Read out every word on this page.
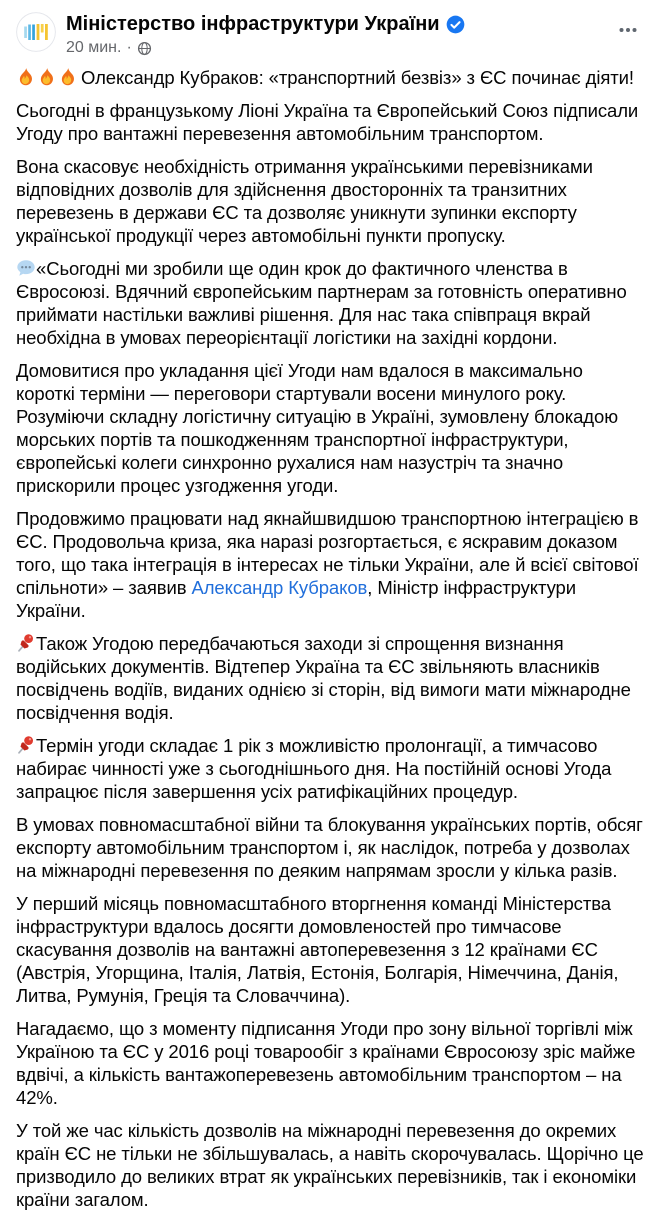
Міністерство інфраструктури України
20 мин. ·

Олександр Кубраков: «транспортний безвіз» з ЄС починає діяти!

Сьогодні в французькому Ліоні Україна та Європейський Союз підписали Угоду про вантажні перевезення автомобільним транспортом.

Вона скасовує необхідність отримання українськими перевізниками відповідних дозволів для здійснення двосторонніх та транзитних перевезень в держави ЄС та дозволяє уникнути зупинки експорту української продукції через автомобільні пункти пропуску.

«Сьогодні ми зробили ще один крок до фактичного членства в Євросоюзі. Вдячний європейським партнерам за готовність оперативно приймати настільки важливі рішення. Для нас така співпраця вкрай необхідна в умовах переорієнтації логістики на західні кордони.

Домовитися про укладання цієї Угоди нам вдалося в максимально короткі терміни — переговори стартували восени минулого року. Розуміючи складну логістичну ситуацію в Україні, зумовлену блокадою морських портів та пошкодженням транспортної інфраструктури, європейські колеги синхронно рухалися нам назустріч та значно прискорили процес узгодження угоди.

Продовжимо працювати над якнайшвидшою транспортною інтеграцією в ЄС. Продовольча криза, яка наразі розгортається, є яскравим доказом того, що така інтеграція в інтересах не тільки України, але й всієї світової спільноти» – заявив Александр Кубраков, Міністр інфраструктури України.

Також Угодою передбачаються заходи зі спрощення визнання водійських документів. Відтепер Україна та ЄС звільняють власників посвідчень водіїв, виданих однією зі сторін, від вимоги мати міжнародне посвідчення водія.

Термін угоди складає 1 рік з можливістю пролонгації, а тимчасово набирає чинності уже з сьогоднішнього дня. На постійній основі Угода запрацює після завершення усіх ратифікаційних процедур.

В умовах повномасштабної війни та блокування українських портів, обсяг експорту автомобільним транспортом і, як наслідок, потреба у дозволах на міжнародні перевезення по деяким напрямам зросли у кілька разів.

У перший місяць повномасштабного вторгнення команді Міністерства інфраструктури вдалось досягти домовленостей про тимчасове скасування дозволів на вантажні автоперевезення з 12 країнами ЄС (Австрія, Угорщина, Італія, Латвія, Естонія, Болгарія, Німеччина, Данія, Литва, Румунія, Греція та Словаччина).

Нагадаємо, що з моменту підписання Угоди про зону вільної торгівлі між Україною та ЄС у 2016 році товарообіг з країнами Євросоюзу зріс майже вдвічі, а кількість вантажоперевезень автомобільним транспортом – на 42%.

У той же час кількість дозволів на міжнародні перевезення до окремих країн ЄС не тільки не збільшувалась, а навіть скорочувалась. Щорічно це призводило до великих втрат як українських перевізників, так і економіки країни загалом.
